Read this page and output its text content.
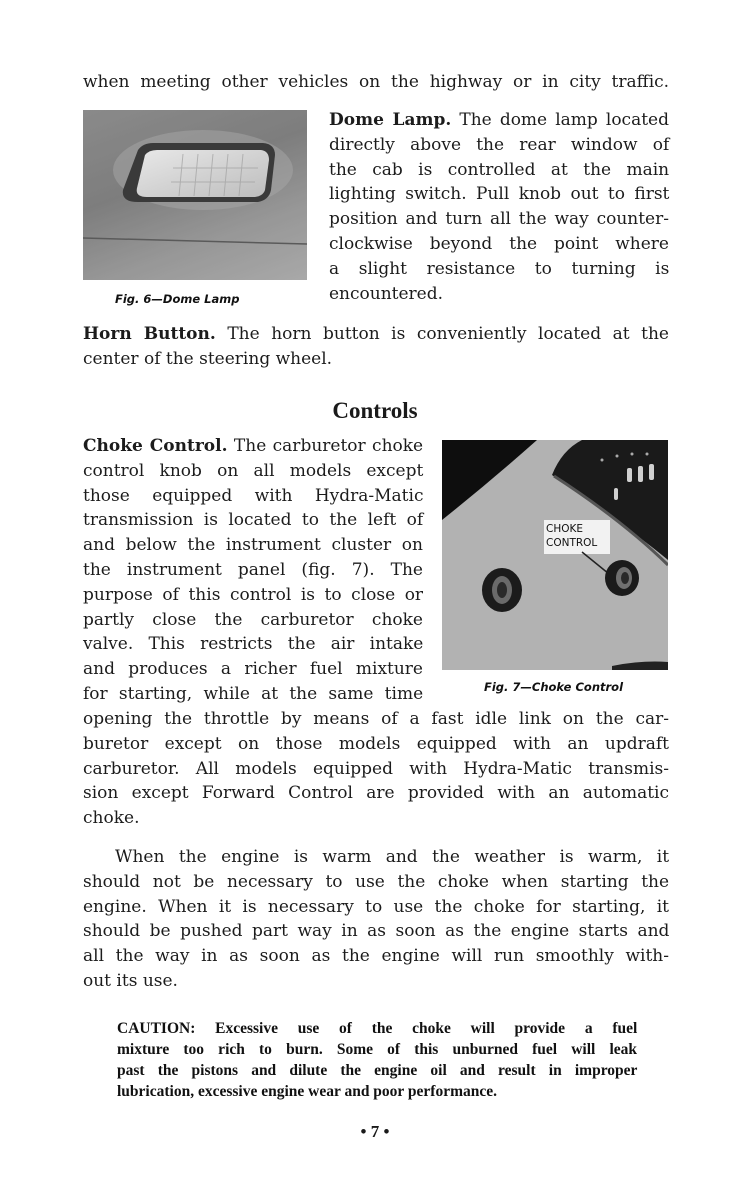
when meeting other vehicles on the highway or in city traffic.
Fig. 6—Dome Lamp
Dome Lamp. The dome lamp located
directly above the rear window of
the cab is controlled at the main
lighting switch. Pull knob out to first
position and turn all the way counter-
clockwise beyond the point where
a slight resistance to turning is
encountered.
Horn Button. The horn button is conveniently located at the
center of the steering wheel.
Controls
Choke Control. The carburetor choke
control knob on all models except
those equipped with Hydra-Matic
transmission is located to the left of
and below the instrument cluster on
the instrument panel (fig. 7). The
purpose of this control is to close or
partly close the carburetor choke
valve. This restricts the air intake
and produces a richer fuel mixture
for starting, while at the same time
CHOKE
CONTROL
Fig. 7—Choke Control
opening the throttle by means of a fast idle link on the car-
buretor except on those models equipped with an updraft
carburetor. All models equipped with Hydra-Matic transmis-
sion except Forward Control are provided with an automatic
choke.
When the engine is warm and the weather is warm, it
should not be necessary to use the choke when starting the
engine. When it is necessary to use the choke for starting, it
should be pushed part way in as soon as the engine starts and
all the way in as soon as the engine will run smoothly with-
out its use.
CAUTION: Excessive use of the choke will provide a fuel
mixture too rich to burn. Some of this unburned fuel will leak
past the pistons and dilute the engine oil and result in improper
lubrication, excessive engine wear and poor performance.
• 7 •
